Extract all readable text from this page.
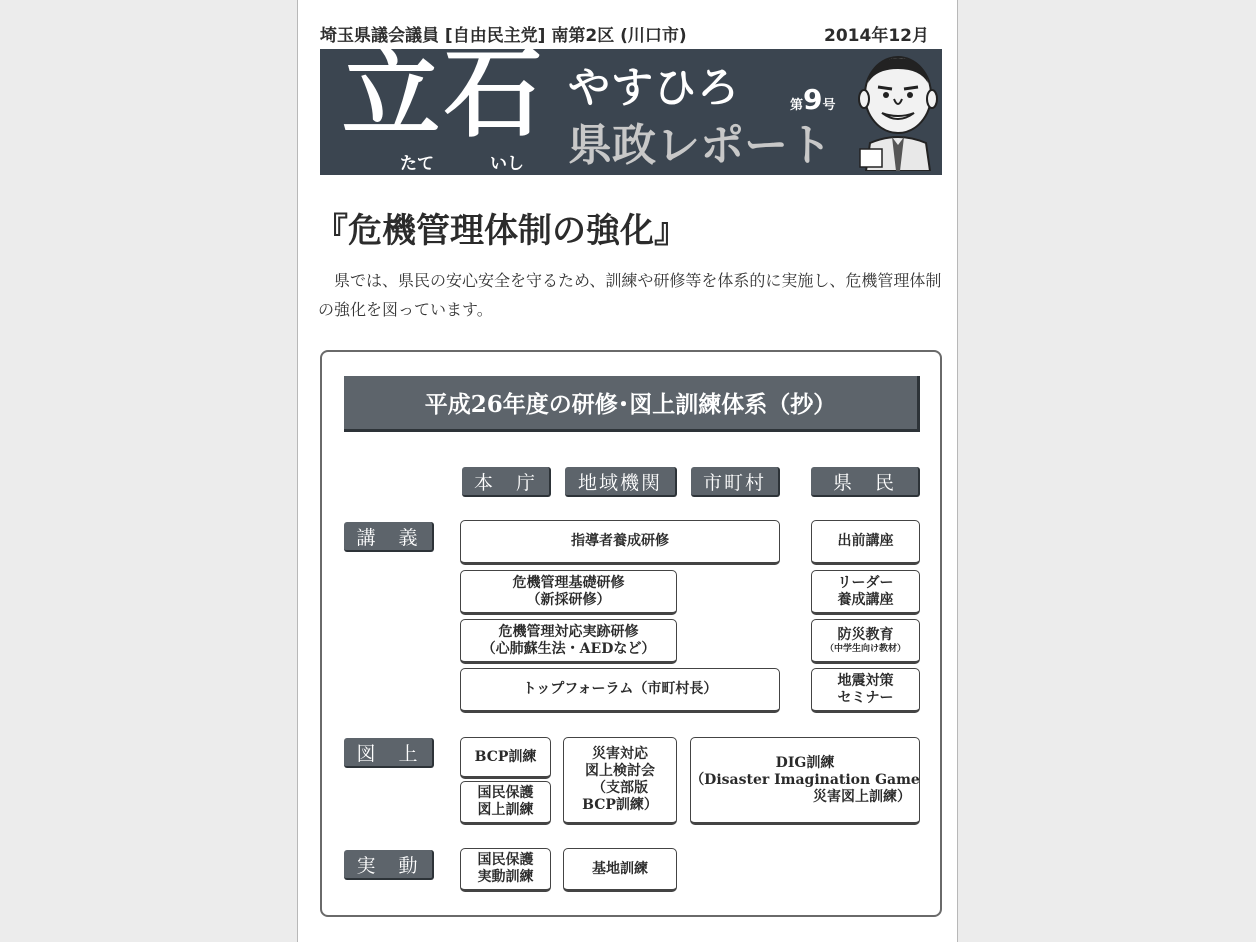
埼玉県議会議員 [自由民主党] 南第2区 (川口市)	2014年12月
立 石
たて	いし
やすひろ
県政レポート
第9号
『危機管理体制の強化』
県では、県民の安心安全を守るため、訓練や研修等を体系的に実施し、危機管理体制の強化を図っています。
平成26年度の研修･図上訓練体系（抄）
本　庁	地域機関	市町村	県　民
講　義
図　上
実　動
指導者養成研修
危機管理基礎研修
（新採研修）
危機管理対応実跡研修
（心肺蘇生法・AEDなど）
トップフォーラム（市町村長）
出前講座
リーダー
養成講座
防災教育
（中学生向け教材）
地震対策
セミナー
BCP訓練
国民保護
図上訓練
災害対応
図上検討会
（支部版
BCP訓練）
DIG訓練
（Disaster Imagination Game
災害図上訓練）
国民保護
実動訓練
基地訓練
